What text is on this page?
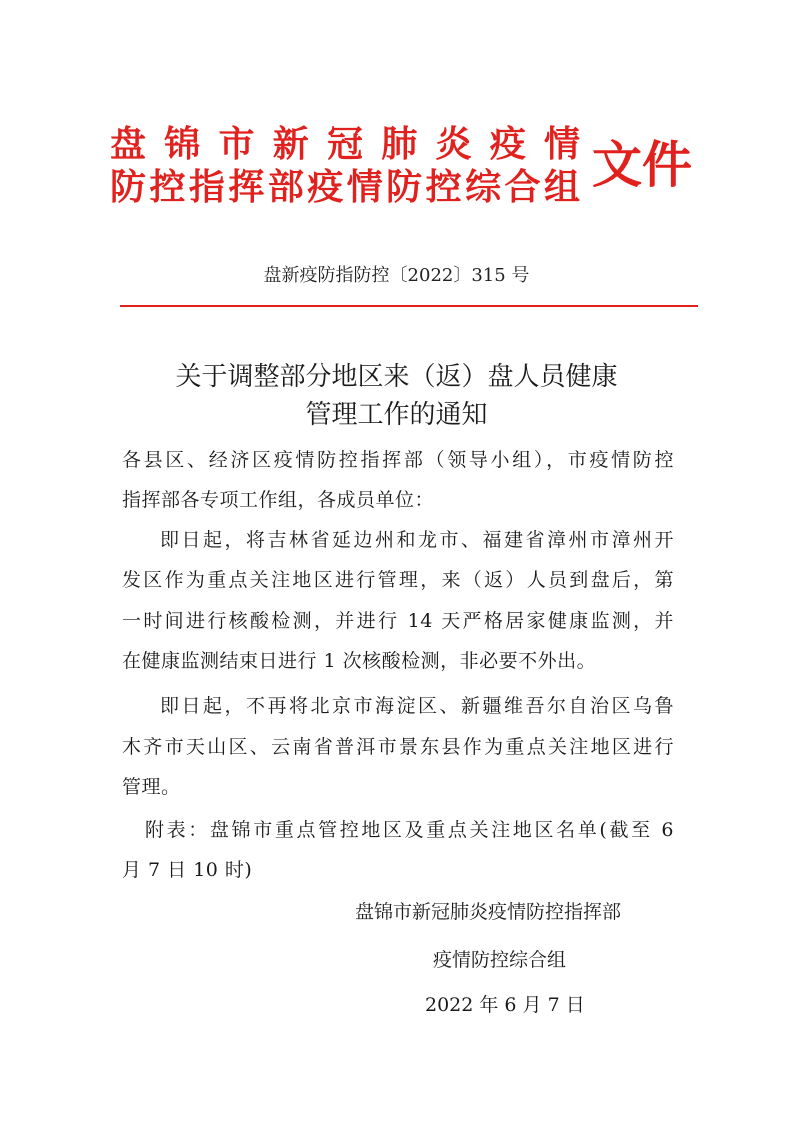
盘锦市新冠肺炎疫情
防控指挥部疫情防控综合组 文件
盘新疫防指防控〔2022〕315 号
关于调整部分地区来（返）盘人员健康
管理工作的通知
各县区、经济区疫情防控指挥部（领导小组），市疫情防控
指挥部各专项工作组，各成员单位：
即日起，将吉林省延边州和龙市、福建省漳州市漳州开
发区作为重点关注地区进行管理，来（返）人员到盘后，第
一时间进行核酸检测，并进行 14 天严格居家健康监测，并
在健康监测结束日进行 1 次核酸检测，非必要不外出。
即日起，不再将北京市海淀区、新疆维吾尔自治区乌鲁
木齐市天山区、云南省普洱市景东县作为重点关注地区进行
管理。
附表：盘锦市重点管控地区及重点关注地区名单(截至 6
月 7 日 10 时)
盘锦市新冠肺炎疫情防控指挥部
疫情防控综合组
2022 年 6 月 7 日
